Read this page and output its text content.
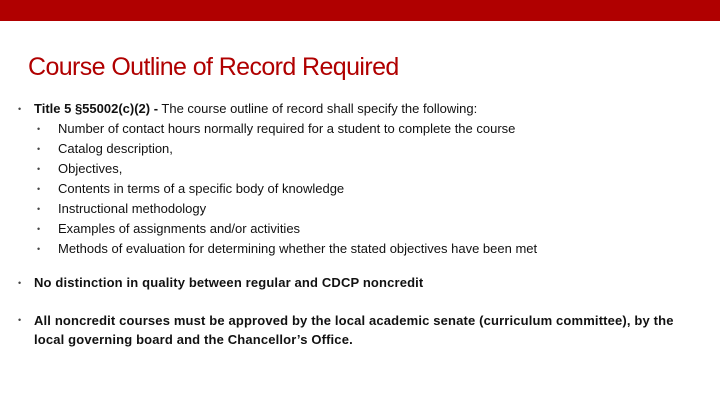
Course Outline of Record Required
• Title 5 §55002(c)(2) - The course outline of record shall specify the following:
• Number of contact hours normally required for a student to complete the course
• Catalog description,
• Objectives,
• Contents in terms of a specific body of knowledge
• Instructional methodology
• Examples of assignments and/or activities
• Methods of evaluation for determining whether the stated objectives have been met
• No distinction in quality between regular and CDCP noncredit
• All noncredit courses must be approved by the local academic senate (curriculum committee), by the local governing board and the Chancellor’s Office.
